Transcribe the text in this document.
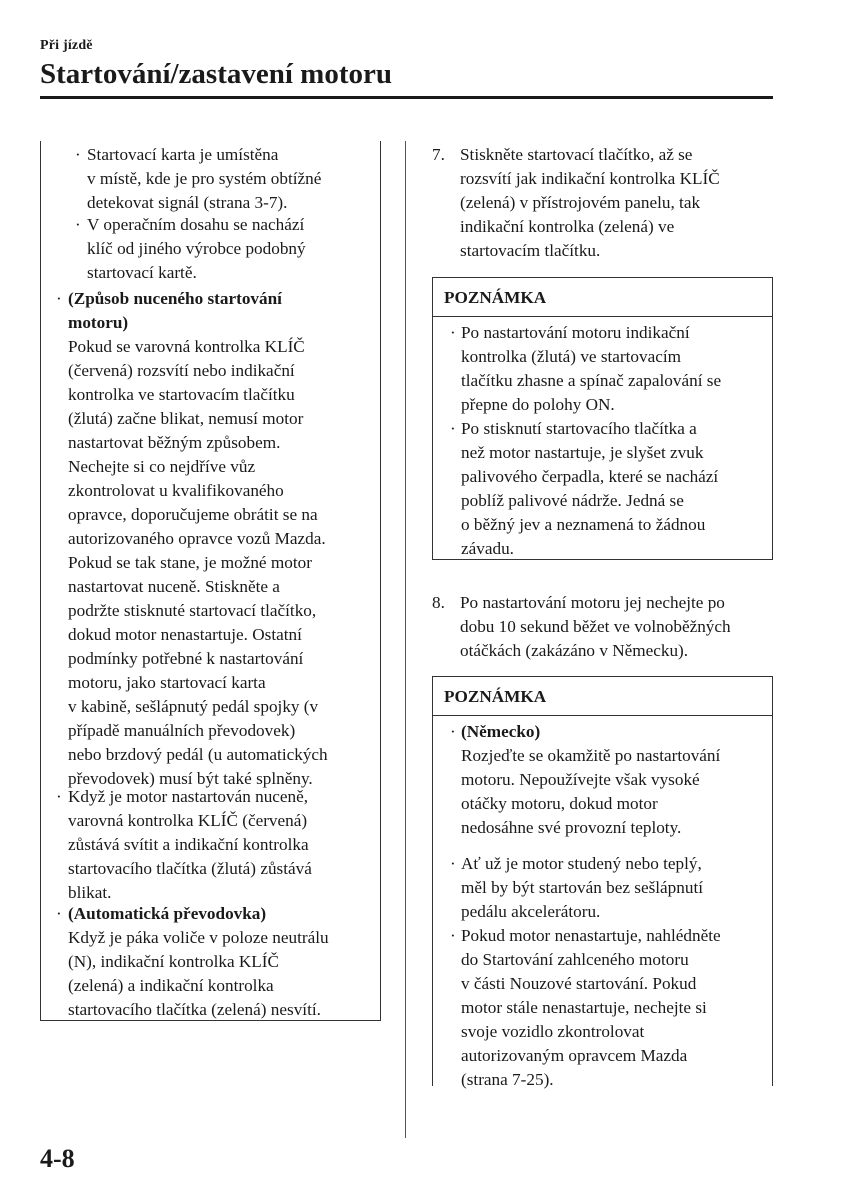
Při jízdě
Startování/zastavení motoru
· Startovací karta je umístěna
v místě, kde je pro systém obtížné
detekovat signál (strana 3-7).
· V operačním dosahu se nachází
klíč od jiného výrobce podobný
startovací kartě.
· (Způsob nuceného startování
motoru)
Pokud se varovná kontrolka KLÍČ
(červená) rozsvítí nebo indikační
kontrolka ve startovacím tlačítku
(žlutá) začne blikat, nemusí motor
nastartovat běžným způsobem.
Nechejte si co nejdříve vůz
zkontrolovat u kvalifikovaného
opravce, doporučujeme obrátit se na
autorizovaného opravce vozů Mazda.
Pokud se tak stane, je možné motor
nastartovat nuceně. Stiskněte a
podržte stisknuté startovací tlačítko,
dokud motor nenastartuje. Ostatní
podmínky potřebné k nastartování
motoru, jako startovací karta
v kabině, sešlápnutý pedál spojky (v
případě manuálních převodovek)
nebo brzdový pedál (u automatických
převodovek) musí být také splněny.
· Když je motor nastartován nuceně,
varovná kontrolka KLÍČ (červená)
zůstává svítit a indikační kontrolka
startovacího tlačítka (žlutá) zůstává
blikat.
· (Automatická převodovka)
Když je páka voliče v poloze neutrálu
(N), indikační kontrolka KLÍČ
(zelená) a indikační kontrolka
startovacího tlačítka (zelená) nesvítí.
7. Stiskněte startovací tlačítko, až se
rozsvítí jak indikační kontrolka KLÍČ
(zelená) v přístrojovém panelu, tak
indikační kontrolka (zelená) ve
startovacím tlačítku.
POZNÁMKA
· Po nastartování motoru indikační
kontrolka (žlutá) ve startovacím
tlačítku zhasne a spínač zapalování se
přepne do polohy ON.
· Po stisknutí startovacího tlačítka a
než motor nastartuje, je slyšet zvuk
palivového čerpadla, které se nachází
poblíž palivové nádrže. Jedná se
o běžný jev a neznamená to žádnou
závadu.
8. Po nastartování motoru jej nechejte po
dobu 10 sekund běžet ve volnoběžných
otáčkách (zakázáno v Německu).
POZNÁMKA
· (Německo)
Rozjeďte se okamžitě po nastartování
motoru. Nepoužívejte však vysoké
otáčky motoru, dokud motor
nedosáhne své provozní teploty.
· Ať už je motor studený nebo teplý,
měl by být startován bez sešlápnutí
pedálu akcelerátoru.
· Pokud motor nenastartuje, nahlédněte
do Startování zahlceného motoru
v části Nouzové startování. Pokud
motor stále nenastartuje, nechejte si
svoje vozidlo zkontrolovat
autorizovaným opravcem Mazda
(strana 7-25).
4-8
